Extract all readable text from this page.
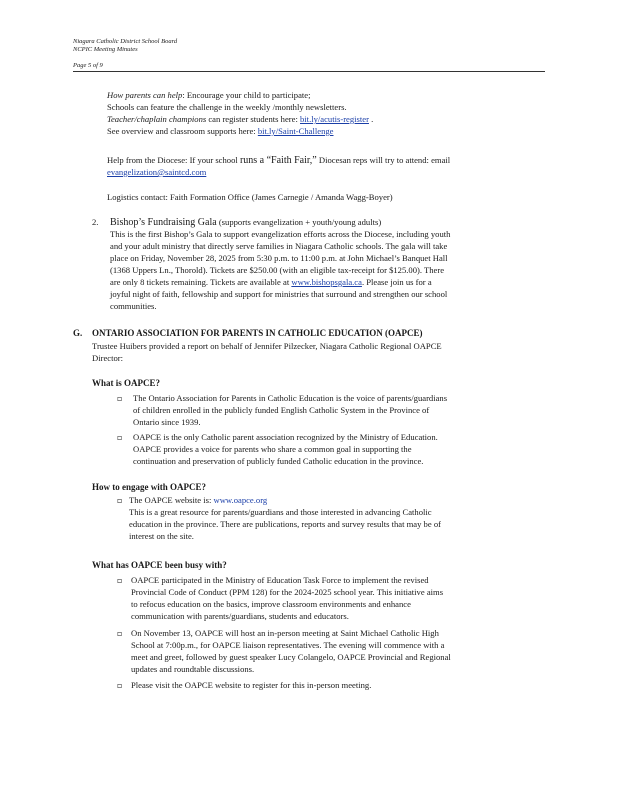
Niagara Catholic District School Board
NCPIC Meeting Minutes
Page 5 of 9
How parents can help: Encourage your child to participate;
Schools can feature the challenge in the weekly /monthly newsletters.
Teacher/chaplain champions can register students here: bit.ly/acutis-register .
See overview and classroom supports here: bit.ly/Saint-Challenge
Help from the Diocese: If your school runs a “Faith Fair,” Diocesan reps will try to attend: email
evangelization@saintcd.com
Logistics contact: Faith Formation Office (James Carnegie / Amanda Wagg-Boyer)
2. Bishop’s Fundraising Gala (supports evangelization + youth/young adults)
This is the first Bishop’s Gala to support evangelization efforts across the Diocese, including youth
and your adult ministry that directly serve families in Niagara Catholic schools. The gala will take
place on Friday, November 28, 2025 from 5:30 p.m. to 11:00 p.m. at John Michael’s Banquet Hall
(1368 Uppers Ln., Thorold). Tickets are $250.00 (with an eligible tax-receipt for $125.00). There
are only 8 tickets remaining. Tickets are available at www.bishopsgala.ca. Please join us for a
joyful night of faith, fellowship and support for ministries that surround and strengthen our school
communities.
G. ONTARIO ASSOCIATION FOR PARENTS IN CATHOLIC EDUCATION (OAPCE)
Trustee Huibers provided a report on behalf of Jennifer Pilzecker, Niagara Catholic Regional OAPCE
Director:
What is OAPCE?
▫ The Ontario Association for Parents in Catholic Education is the voice of parents/guardians
of children enrolled in the publicly funded English Catholic System in the Province of
Ontario since 1939.
▫ OAPCE is the only Catholic parent association recognized by the Ministry of Education.
OAPCE provides a voice for parents who share a common goal in supporting the
continuation and preservation of publicly funded Catholic education in the province.
How to engage with OAPCE?
▫ The OAPCE website is: www.oapce.org
This is a great resource for parents/guardians and those interested in advancing Catholic
education in the province. There are publications, reports and survey results that may be of
interest on the site.
What has OAPCE been busy with?
▫ OAPCE participated in the Ministry of Education Task Force to implement the revised
Provincial Code of Conduct (PPM 128) for the 2024-2025 school year. This initiative aims
to refocus education on the basics, improve classroom environments and enhance
communication with parents/guardians, students and educators.
▫ On November 13, OAPCE will host an in-person meeting at Saint Michael Catholic High
School at 7:00p.m., for OAPCE liaison representatives. The evening will commence with a
meet and greet, followed by guest speaker Lucy Colangelo, OAPCE Provincial and Regional
updates and roundtable discussions.
▫ Please visit the OAPCE website to register for this in-person meeting.
